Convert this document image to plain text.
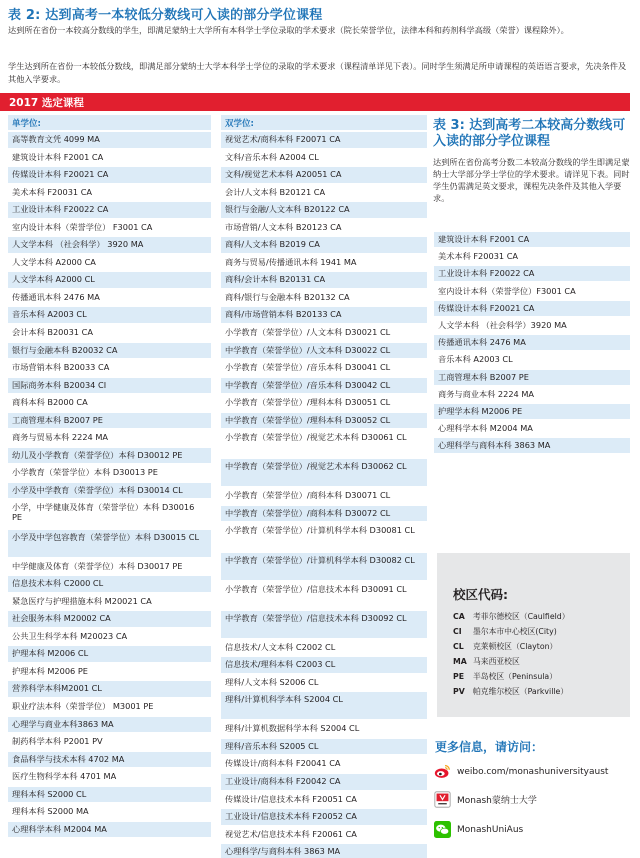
表 2: 达到高考一本较低分数线可入读的部分学位课程
达到所在省份一本较高分数线的学生，即满足蒙纳士大学所有本科学士学位录取的学术要求（院长荣誉学位，法律本科和药剂科学高级（荣誉）课程除外）。
学生达到所在省份一本较低分数线，即满足部分蒙纳士大学本科学士学位的录取的学术要求（课程清单详见下表）。同时学生须满足所申请课程的英语语言要求，先决条件及其他入学要求。
2017 选定课程
单学位:
高等教育文凭 4099 MA
建筑设计本科 F2001 CA
传媒设计本科 F20021 CA
美术本科 F20031 CA
工业设计本科 F20022 CA
室内设计本科（荣誉学位） F3001 CA
人文学本科 （社会科学） 3920 MA
人文学本科 A2000 CA
人文学本科 A2000 CL
传播通讯本科 2476 MA
音乐本科 A2003 CL
会计本科 B20031 CA
银行与金融本科 B20032 CA
市场营销本科 B20033 CA
国际商务本科 B20034 CI
商科本科 B2000 CA
工商管理本科 B2007 PE
商务与贸易本科 2224 MA
幼儿及小学教育（荣誉学位）本科 D30012 PE
小学教育（荣誉学位）本科 D30013 PE
小学及中学教育（荣誉学位）本科 D30014 CL
小学，中学健康及体育（荣誉学位）本科 D30016 PE
小学及中学包容教育（荣誉学位）本科 D30015 CL
中学健康及体育（荣誉学位）本科 D30017 PE
信息技术本科 C2000 CL
紧急医疗与护理措施本科 M20021 CA
社会服务本科 M20002 CA
公共卫生科学本科 M20023 CA
护理本科 M2006 CL
护理本科 M2006 PE
营养科学本科M2001 CL
职业疗法本科（荣誉学位） M3001 PE
心理学与商业本科3863 MA
制药科学本科 P2001 PV
食品科学与技术本科 4702 MA
医疗生物科学本科 4701 MA
理科本科 S2000 CL
理科本科 S2000 MA
心理科学本科 M2004 MA
双学位:
视觉艺术/商科本科 F20071 CA
文科/音乐本科 A2004 CL
文科/视觉艺术本科 A20051 CA
会计/人文本科 B20121 CA
银行与金融/人文本科 B20122 CA
市场营销/人文本科 B20123 CA
商科/人文本科 B2019 CA
商务与贸易/传播通讯本科 1941 MA
商科/会计本科 B20131 CA
商科/银行与金融本科 B20132 CA
商科/市场营销本科 B20133 CA
小学教育（荣誉学位）/人文本科 D30021 CL
中学教育（荣誉学位）/人文本科 D30022 CL
小学教育（荣誉学位）/音乐本科 D30041 CL
中学教育（荣誉学位）/音乐本科 D30042 CL
小学教育（荣誉学位）/理科本科 D30051 CL
中学教育（荣誉学位）/理科本科 D30052 CL
小学教育（荣誉学位）/视觉艺术本科 D30061 CL
中学教育（荣誉学位）/视觉艺术本科 D30062 CL
小学教育（荣誉学位）/商科本科 D30071 CL
中学教育（荣誉学位）/商科本科 D30072 CL
小学教育（荣誉学位）/计算机科学本科 D30081 CL
中学教育（荣誉学位）/计算机科学本科 D30082 CL
小学教育（荣誉学位）/信息技术本科 D30091 CL
中学教育（荣誉学位）/信息技术本科 D30092 CL
信息技术/人文本科 C2002 CL
信息技术/理科本科 C2003 CL
理科/人文本科 S2006 CL
理科/计算机科学本科 S2004 CL
理科/计算机数据科学本科 S2004 CL
理科/音乐本科 S2005 CL
传媒设计/商科本科 F20041 CA
工业设计/商科本科 F20042 CA
传媒设计/信息技术本科 F20051 CA
工业设计/信息技术本科 F20052 CA
视觉艺术/信息技术本科 F20061 CA
心理科学/与商科本科 3863 MA
表 3: 达到高考二本较高分数线可入读的部分学位课程
达到所在省份高考分数二本较高分数线的学生即满足蒙纳士大学部分学士学位的学术要求。请详见下表。同时学生仍需满足英文要求，课程先决条件及其他入学要求。
建筑设计本科 F2001 CA
美术本科 F20031 CA
工业设计本科 F20022 CA
室内设计本科（荣誉学位）F3001 CA
传媒设计本科 F20021 CA
人文学本科 （社会科学）3920 MA
传播通讯本科 2476 MA
音乐本科 A2003 CL
工商管理本科 B2007 PE
商务与商业本科 2224 MA
护理学本科 M2006 PE
心理科学本科 M2004 MA
心理科学与商科本科 3863 MA
校区代码:
CA	考菲尔德校区（Caulfield）
CI	墨尔本市中心校区(City)
CL	克莱顿校区（Clayton）
MA 马来西亚校区
PE	半岛校区（Peninsula）
PV	帕克维尔校区（Parkville）
更多信息，请访问：
weibo.com/monashuniversityaust
Monash蒙纳士大学
MonashUniAus
